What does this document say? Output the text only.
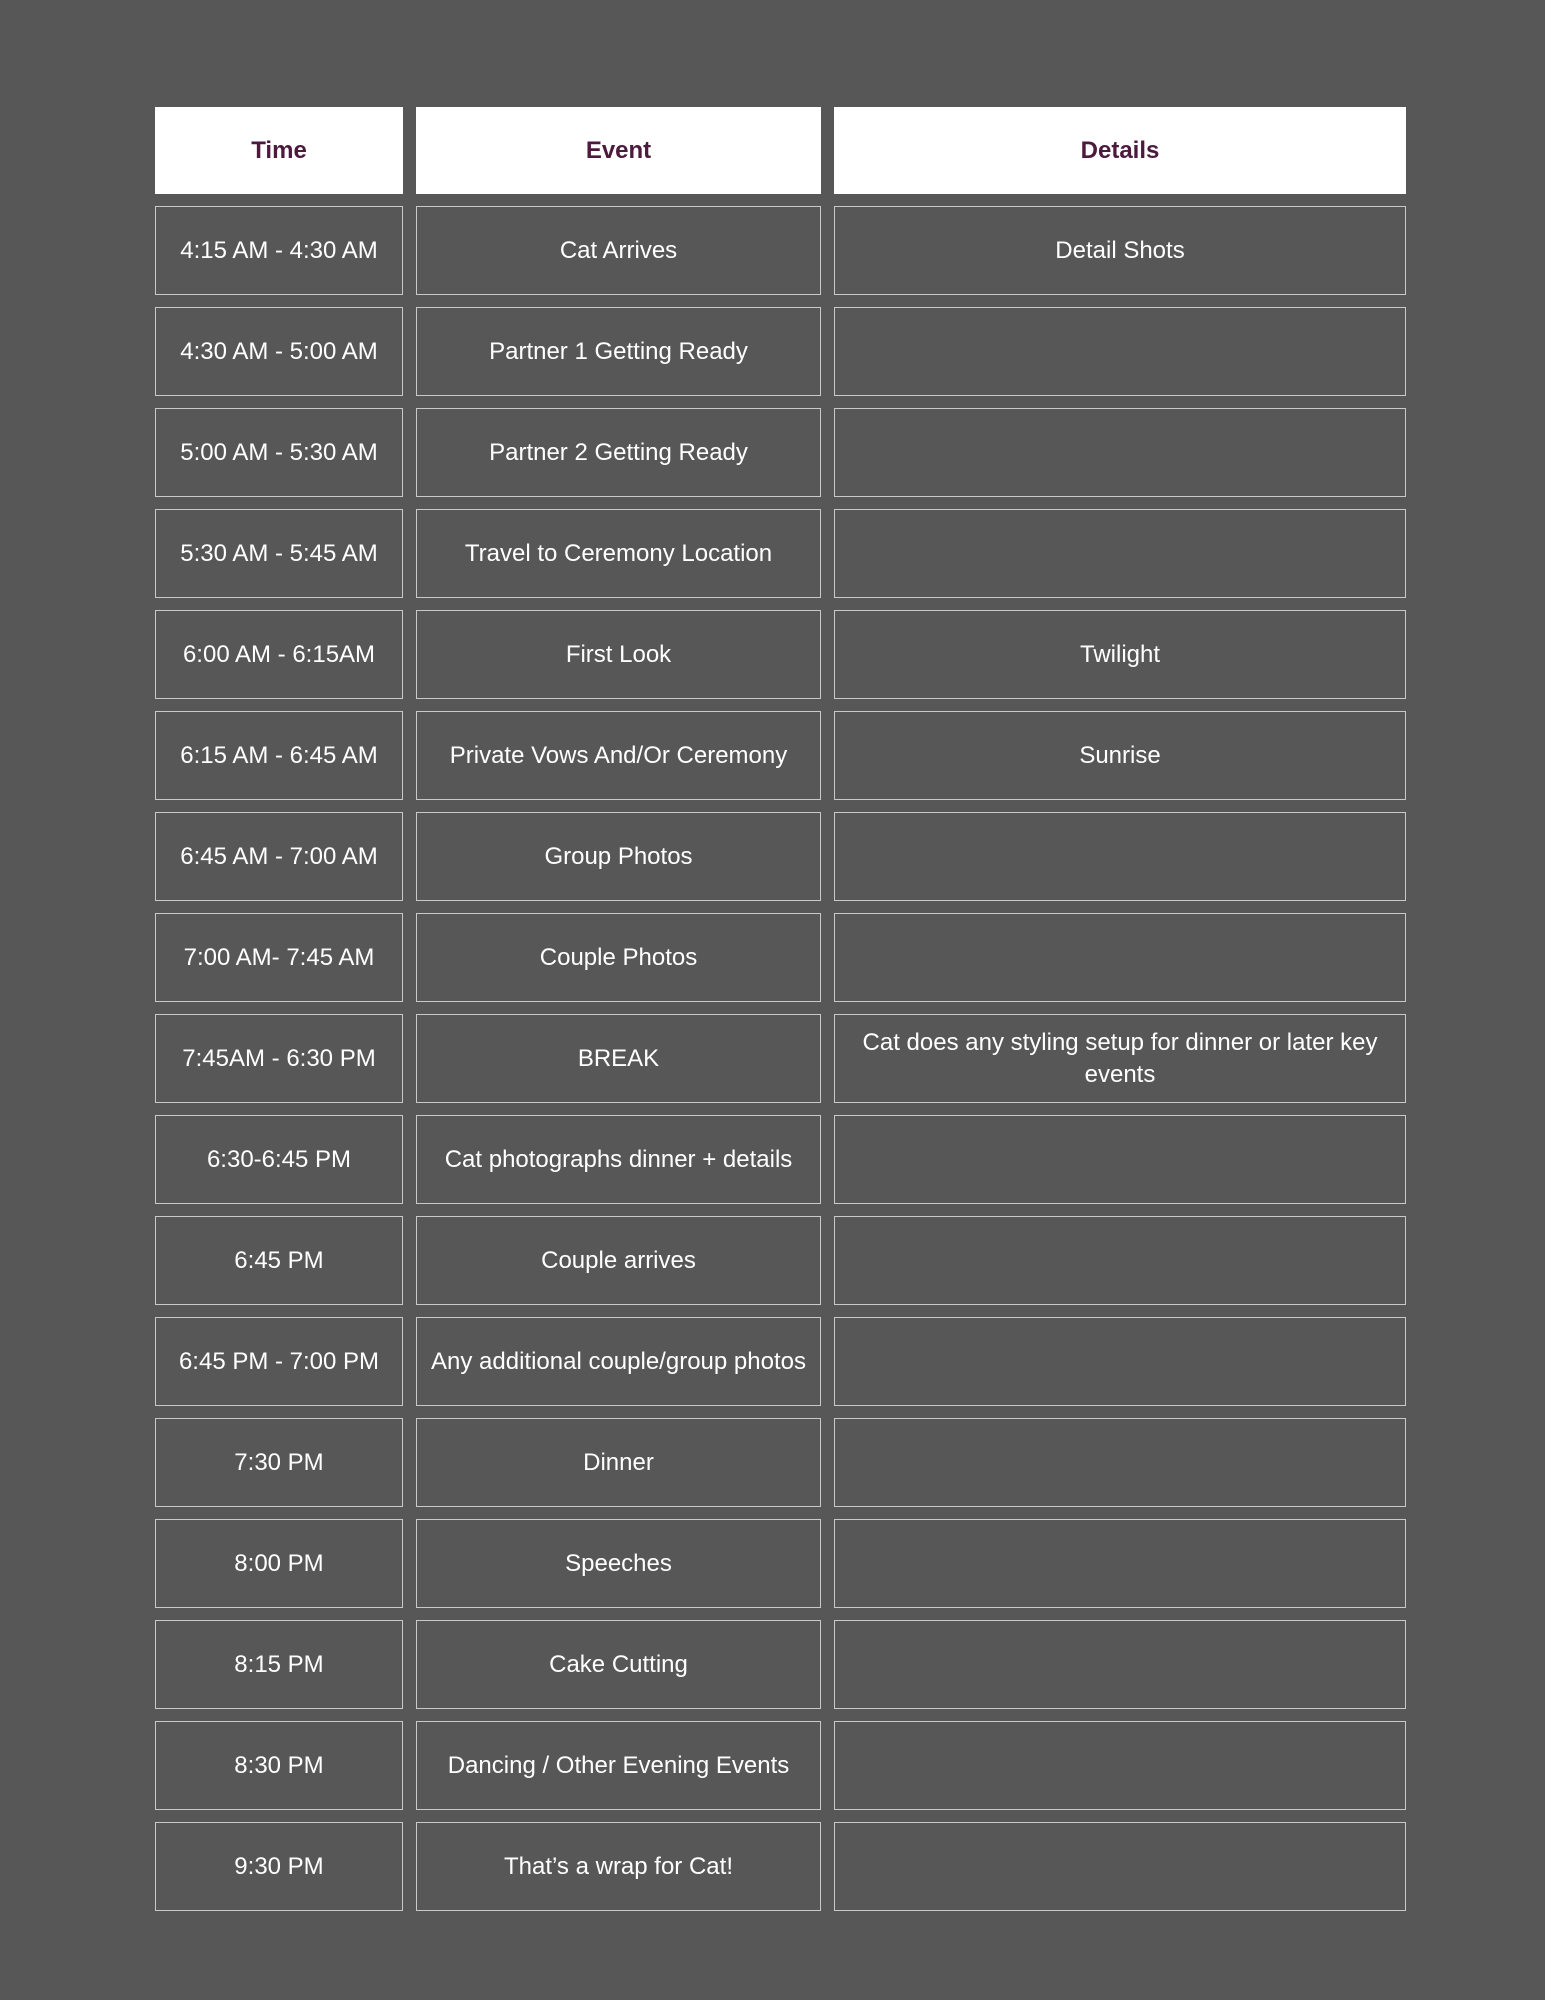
Time	Event	Details
4:15 AM - 4:30 AM	Cat Arrives	Detail Shots
4:30 AM - 5:00 AM	Partner 1 Getting Ready	
5:00 AM - 5:30 AM	Partner 2 Getting Ready	
5:30 AM - 5:45 AM	Travel to Ceremony Location	
6:00 AM - 6:15AM	First Look	Twilight
6:15 AM - 6:45 AM	Private Vows And/Or Ceremony	Sunrise
6:45 AM - 7:00 AM	Group Photos	
7:00 AM- 7:45 AM	Couple Photos	
7:45AM - 6:30 PM	BREAK	Cat does any styling setup for dinner or later key events
6:30-6:45 PM	Cat photographs dinner + details	
6:45 PM	Couple arrives	
6:45 PM - 7:00 PM	Any additional couple/group photos	
7:30 PM	Dinner	
8:00 PM	Speeches	
8:15 PM	Cake Cutting	
8:30 PM	Dancing / Other Evening Events	
9:30 PM	That’s a wrap for Cat!	
